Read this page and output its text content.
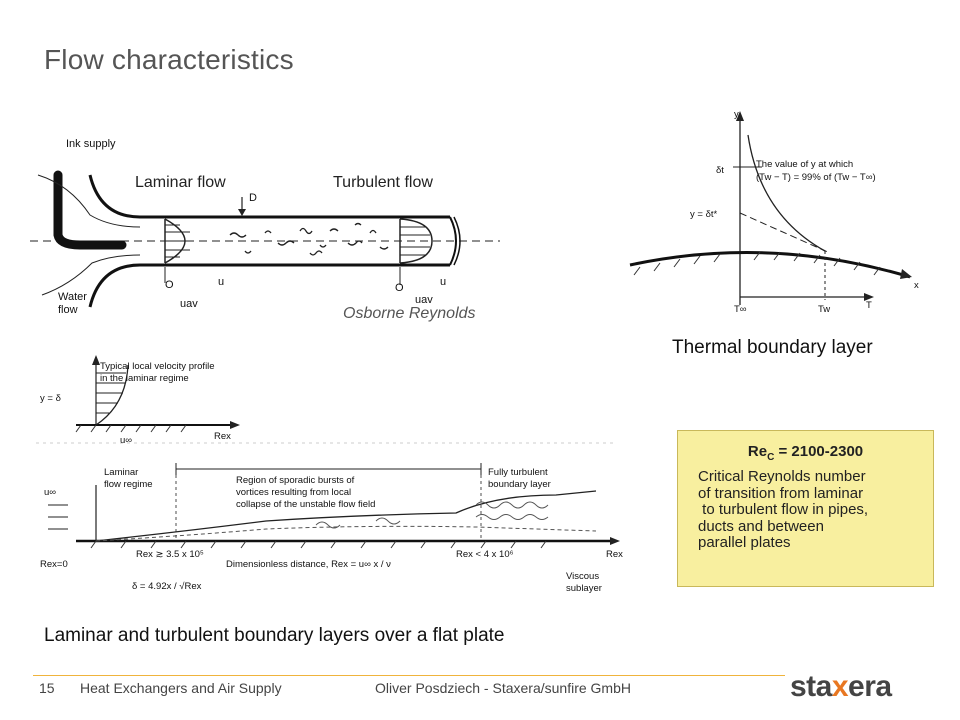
Flow characteristics
Ink supply
Water
flow
D
u
O
uav
u
O
uav
Laminar flow	Turbulent flow
Osborne Reynolds
y
x
T
The value of y at which
(Tw − T) = 99% of (Tw − T∞)
δt
y = δt*
T∞	Tw
Thermal boundary layer
Typical local velocity profile
in the laminar regime
y = δ
Rex
u∞
Laminar
flow regime	Region of sporadic bursts of
vortices resulting from local
collapse of the unstable flow field
Fully turbulent
boundary layer
u∞
Rex ≳ 3.5 x 10⁵	Rex < 4 x 10⁶
Rex=0	Dimensionless distance, Rex = u∞ x / ν
δ = 4.92x / √Rex
Viscous
sublayer
Rex
Laminar and turbulent boundary layers over a flat plate
$Re_C = 2100-2300$
Critical Reynolds number
of transition from laminar
to turbulent flow in pipes,
ducts and between
parallel plates
15 Heat Exchangers and Air Supply	Oliver Posdziech - Staxera/sunfire GmbH	staxera
